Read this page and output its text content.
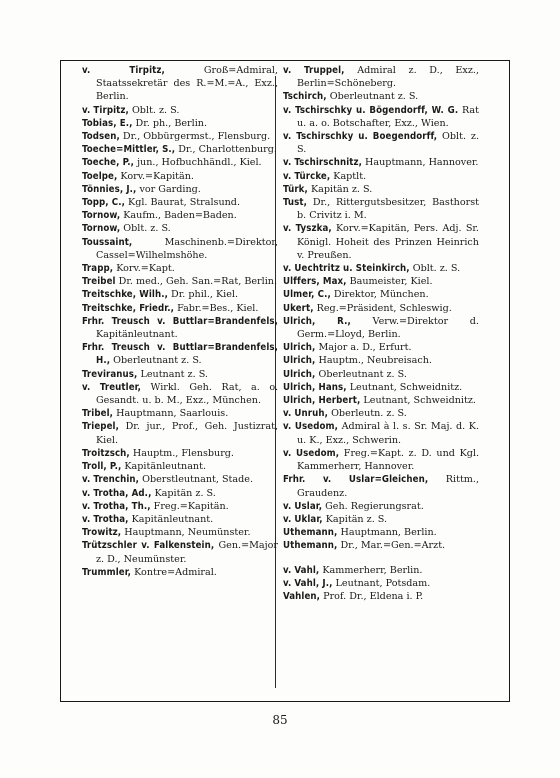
v. Tirpitz, Groß=Admiral, Staatssekretär des R.=M.=A., Exz., Berlin.

v. Tirpitz, Oblt. z. S.

Tobias, E., Dr. ph., Berlin.

Todsen, Dr., Obbürgermst., Flensburg.

Toeche=Mittler, S., Dr., Charlottenburg.

Toeche, P., jun., Hofbuchhändl., Kiel.

Toelpe, Korv.=Kapitän.

Tönnies, J., vor Garding.

Topp, C., Kgl. Baurat, Stralsund.

Tornow, Kaufm., Baden=Baden.

Tornow, Oblt. z. S.

Toussaint, Maschinenb.=Direktor, Cassel=Wilhelmshöhe.

Trapp, Korv.=Kapt.

Treibel Dr. med., Geh. San.=Rat, Berlin.

Treitschke, Wilh., Dr. phil., Kiel.

Treitschke, Friedr., Fabr.=Bes., Kiel.

Frhr. Treusch v. Buttlar=Brandenfels, Kapitänleutnant.

Frhr. Treusch v. Buttlar=Brandenfels, H., Oberleutnant z. S.

Treviranus, Leutnant z. S.

v. Treutler, Wirkl. Geh. Rat, a. o. Gesandt. u. b. M., Exz., München.

Tribel, Hauptmann, Saarlouis.

Triepel, Dr. jur., Prof., Geh. Justizrat, Kiel.

Troitzsch, Hauptm., Flensburg.

Troll, P., Kapitänleutnant.

v. Trenchin, Oberstleutnant, Stade.

v. Trotha, Ad., Kapitän z. S.

v. Trotha, Th., Freg.=Kapitän.

v. Trotha, Kapitänleutnant.

Trowitz, Hauptmann, Neumünster.

Trützschler v. Falkenstein, Gen.=Major z. D., Neumünster.

Trummler, Kontre=Admiral.

v. Truppel, Admiral z. D., Exz., Berlin=Schöneberg.

Tschirch, Oberleutnant z. S.

v. Tschirschky u. Bögendorff, W. G. Rat u. a. o. Botschafter, Exz., Wien.

v. Tschirschky u. Boegendorff, Oblt. z. S.

v. Tschirschnitz, Hauptmann, Hannover.

v. Türcke, Kaptlt.

Türk, Kapitän z. S.

Tust, Dr., Rittergutsbesitzer, Basthorst b. Crivitz i. M.

v. Tyszka, Korv.=Kapitän, Pers. Adj. Sr. Königl. Hoheit des Prinzen Heinrich v. Preußen.

v. Uechtritz u. Steinkirch, Oblt. z. S.

Ulffers, Max, Baumeister, Kiel.

Ulmer, C., Direktor, München.

Ukert, Reg.=Präsident, Schleswig.

Ulrich, R., Verw.=Direktor d. Germ.=Lloyd, Berlin.

Ulrich, Major a. D., Erfurt.

Ulrich, Hauptm., Neubreisach.

Ulrich, Oberleutnant z. S.

Ulrich, Hans, Leutnant, Schweidnitz.

Ulrich, Herbert, Leutnant, Schweidnitz.

v. Unruh, Oberleutn. z. S.

v. Usedom, Admiral à l. s. Sr. Maj. d. K. u. K., Exz., Schwerin.

v. Usedom, Freg.=Kapt. z. D. und Kgl. Kammerherr, Hannover.

Frhr. v. Uslar=Gleichen, Rittm., Graudenz.

v. Uslar, Geh. Regierungsrat.

v. Uklar, Kapitän z. S.

Uthemann, Hauptmann, Berlin.

Uthemann, Dr., Mar.=Gen.=Arzt.

v. Vahl, Kammerherr, Berlin.

v. Vahl, J., Leutnant, Potsdam.

Vahlen, Prof. Dr., Eldena i. P.

85
